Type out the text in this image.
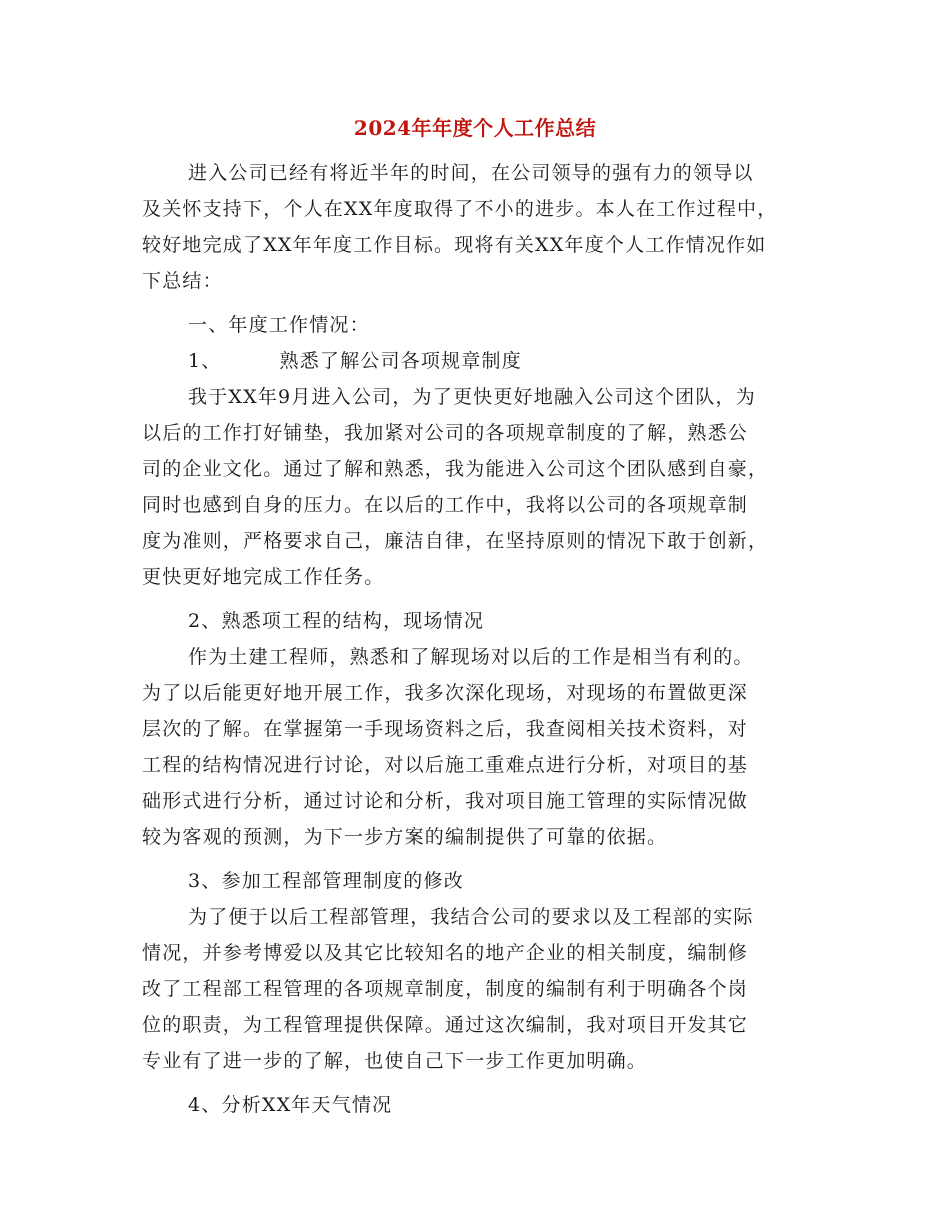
2024年年度个人工作总结
进入公司已经有将近半年的时间，在公司领导的强有力的领导以
及关怀支持下，个人在XX年度取得了不小的进步。本人在工作过程中，
较好地完成了XX年年度工作目标。现将有关XX年度个人工作情况作如
下总结：
一、年度工作情况：
1、	熟悉了解公司各项规章制度
我于XX年9月进入公司，为了更快更好地融入公司这个团队，为
以后的工作打好铺垫，我加紧对公司的各项规章制度的了解，熟悉公
司的企业文化。通过了解和熟悉，我为能进入公司这个团队感到自豪，
同时也感到自身的压力。在以后的工作中，我将以公司的各项规章制
度为准则，严格要求自己，廉洁自律，在坚持原则的情况下敢于创新，
更快更好地完成工作任务。
2、熟悉项工程的结构，现场情况
作为土建工程师，熟悉和了解现场对以后的工作是相当有利的。
为了以后能更好地开展工作，我多次深化现场，对现场的布置做更深
层次的了解。在掌握第一手现场资料之后，我查阅相关技术资料，对
工程的结构情况进行讨论，对以后施工重难点进行分析，对项目的基
础形式进行分析，通过讨论和分析，我对项目施工管理的实际情况做
较为客观的预测，为下一步方案的编制提供了可靠的依据。
3、参加工程部管理制度的修改
为了便于以后工程部管理，我结合公司的要求以及工程部的实际
情况，并参考博爱以及其它比较知名的地产企业的相关制度，编制修
改了工程部工程管理的各项规章制度，制度的编制有利于明确各个岗
位的职责，为工程管理提供保障。通过这次编制，我对项目开发其它
专业有了进一步的了解，也使自己下一步工作更加明确。
4、分析XX年天气情况
